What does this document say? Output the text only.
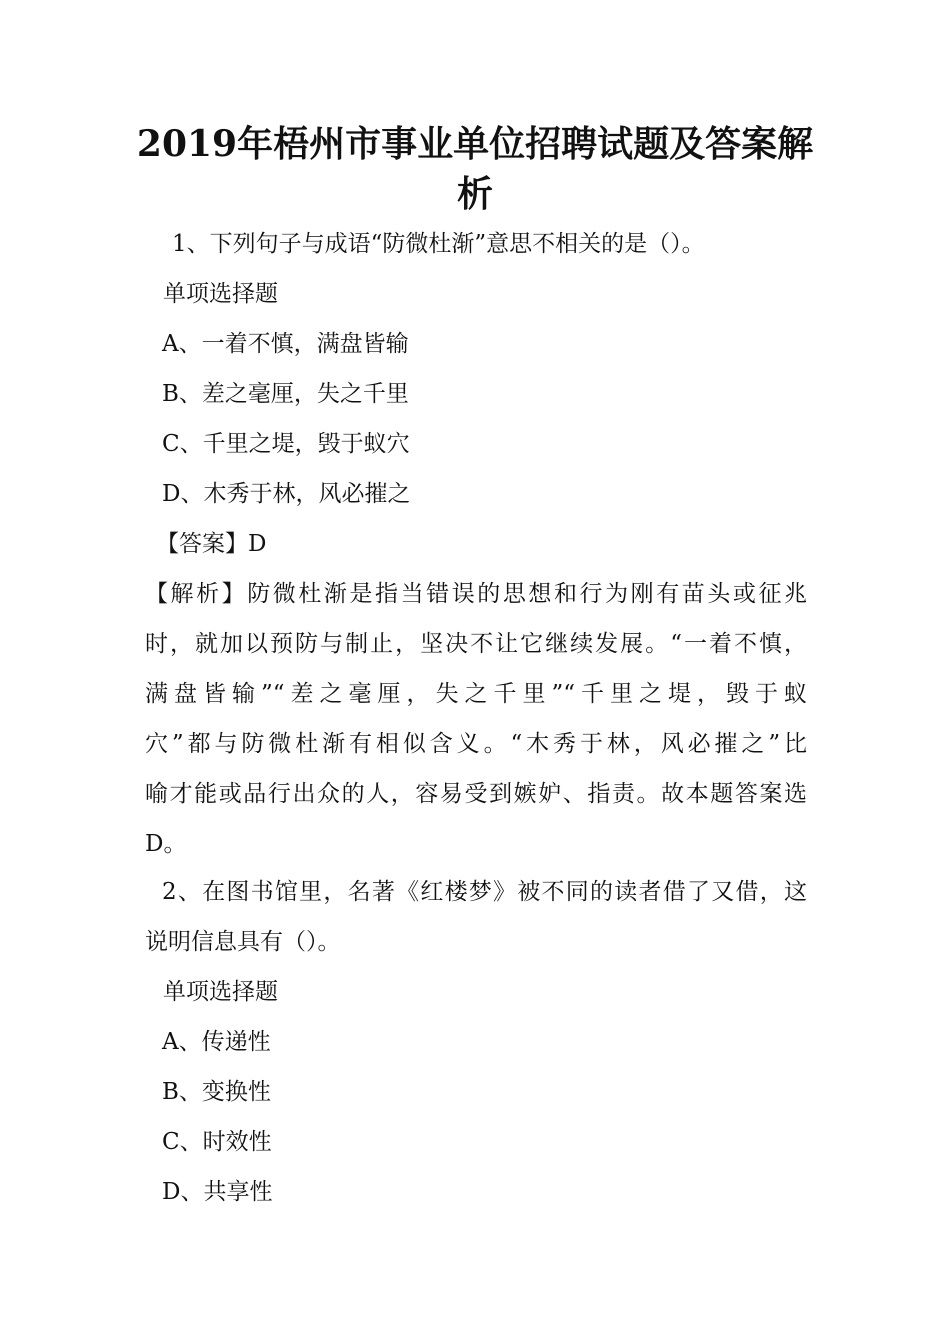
2019年梧州市事业单位招聘试题及答案解
析
1、下列句子与成语“防微杜渐”意思不相关的是（）。
单项选择题
A、一着不慎，满盘皆输
B、差之毫厘，失之千里
C、千里之堤，毁于蚁穴
D、木秀于林，风必摧之
【答案】D
【解析】防微杜渐是指当错误的思想和行为刚有苗头或征兆
时，就加以预防与制止，坚决不让它继续发展。“一着不慎，
满盘皆输”“差之毫厘，失之千里”“千里之堤，毁于蚁
穴”都与防微杜渐有相似含义。“木秀于林，风必摧之”比
喻才能或品行出众的人，容易受到嫉妒、指责。故本题答案选
D。
2、在图书馆里，名著《红楼梦》被不同的读者借了又借，这
说明信息具有（）。
单项选择题
A、传递性
B、变换性
C、时效性
D、共享性
